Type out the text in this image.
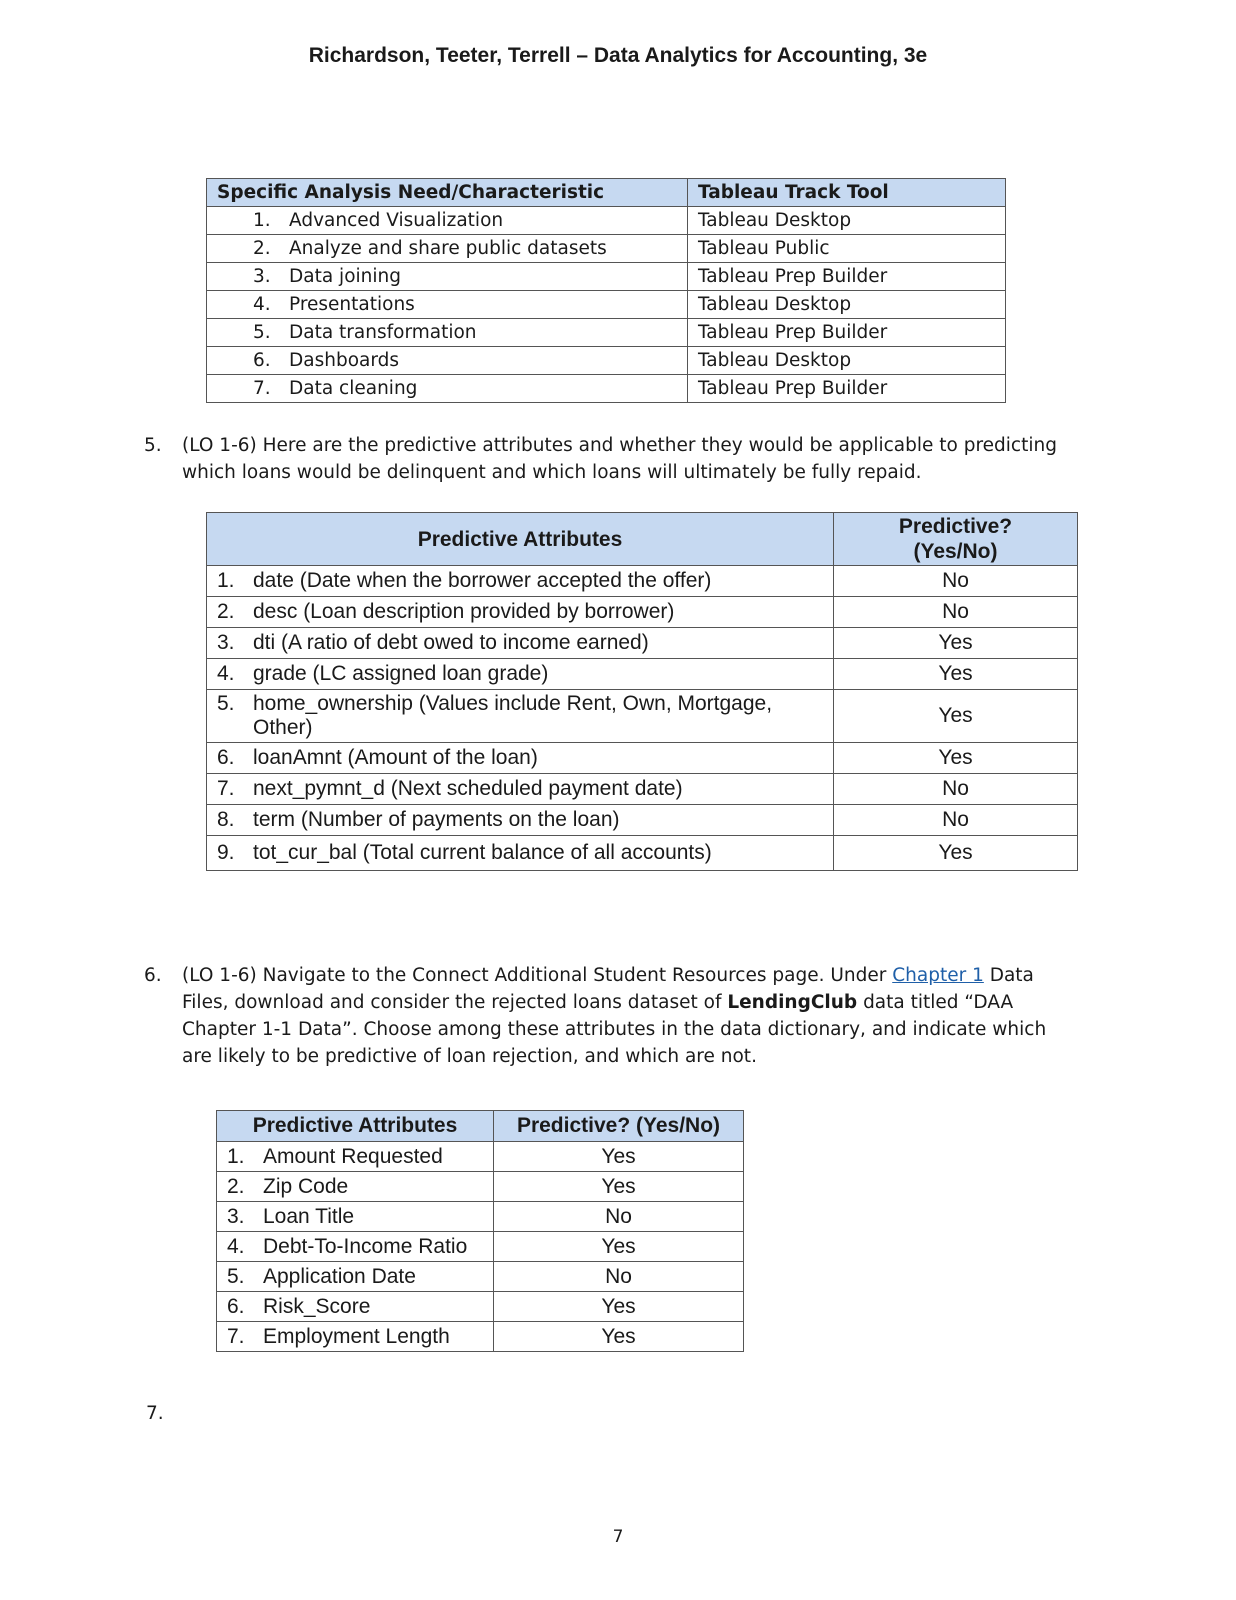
Richardson, Teeter, Terrell – Data Analytics for Accounting, 3e
Specific Analysis Need/Characteristic	Tableau Track Tool
1. Advanced Visualization	Tableau Desktop
2. Analyze and share public datasets	Tableau Public
3. Data joining	Tableau Prep Builder
4. Presentations	Tableau Desktop
5. Data transformation	Tableau Prep Builder
6. Dashboards	Tableau Desktop
7. Data cleaning	Tableau Prep Builder
5. (LO 1-6) Here are the predictive attributes and whether they would be applicable to predicting which loans would be delinquent and which loans will ultimately be fully repaid.
Predictive Attributes	Predictive? (Yes/No)
1. date (Date when the borrower accepted the offer)	No
2. desc (Loan description provided by borrower)	No
3. dti (A ratio of debt owed to income earned)	Yes
4. grade (LC assigned loan grade)	Yes
5. home_ownership (Values include Rent, Own, Mortgage, Other)	Yes
6. loanAmnt (Amount of the loan)	Yes
7. next_pymnt_d (Next scheduled payment date)	No
8. term (Number of payments on the loan)	No
9. tot_cur_bal (Total current balance of all accounts)	Yes
6. (LO 1-6) Navigate to the Connect Additional Student Resources page. Under Chapter 1 Data Files, download and consider the rejected loans dataset of LendingClub data titled “DAA Chapter 1-1 Data”. Choose among these attributes in the data dictionary, and indicate which are likely to be predictive of loan rejection, and which are not.
Predictive Attributes	Predictive? (Yes/No)
1. Amount Requested	Yes
2. Zip Code	Yes
3. Loan Title	No
4. Debt-To-Income Ratio	Yes
5. Application Date	No
6. Risk_Score	Yes
7. Employment Length	Yes
7.
7
